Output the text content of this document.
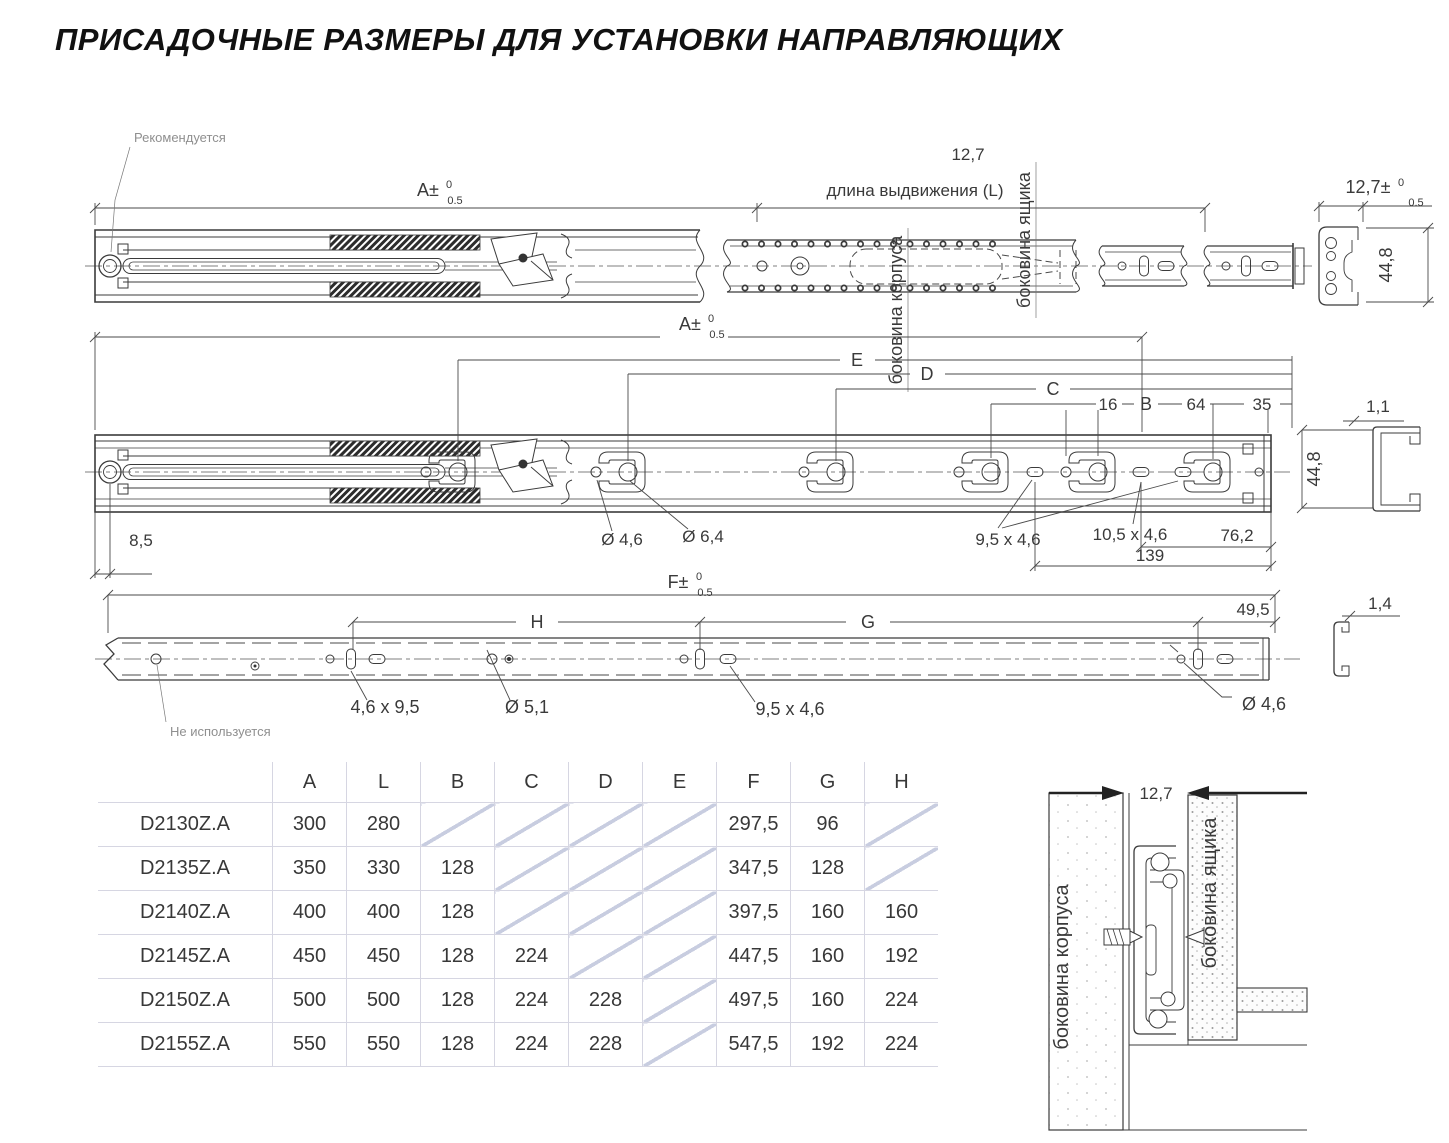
ПРИСАДОЧНЫЕ РАЗМЕРЫ ДЛЯ УСТАНОВКИ НАПРАВЛЯЮЩИХ
боковина корпуса	боковина ящика
A± 0
0.5
длина выдвижения (L)
12,7
Рекомендуется
12,7± 0
0.5
44,8
A± 0
0.5
E
D
C
16 B 64	35
8,5	Ø 4,6 Ø 6,4	9,5 x 4,6	10,5 x 4,6	76,2
139
1,1
44,8
F± 0
0.5
H	G
49,5
4,6 x 9,5	Ø 5,1	9,5 x 4,6	Ø 4,6
Не используется
1,4
12,7
боковина корпуса	боковина ящика
	A	L	B	C	D	E	F	G	H
D2130Z.A	300	280					297,5	96	
D2135Z.A	350	330	128				347,5	128	
D2140Z.A	400	400	128				397,5	160	160
D2145Z.A	450	450	128	224			447,5	160	192
D2150Z.A	500	500	128	224	228		497,5	160	224
D2155Z.A	550	550	128	224	228		547,5	192	224
